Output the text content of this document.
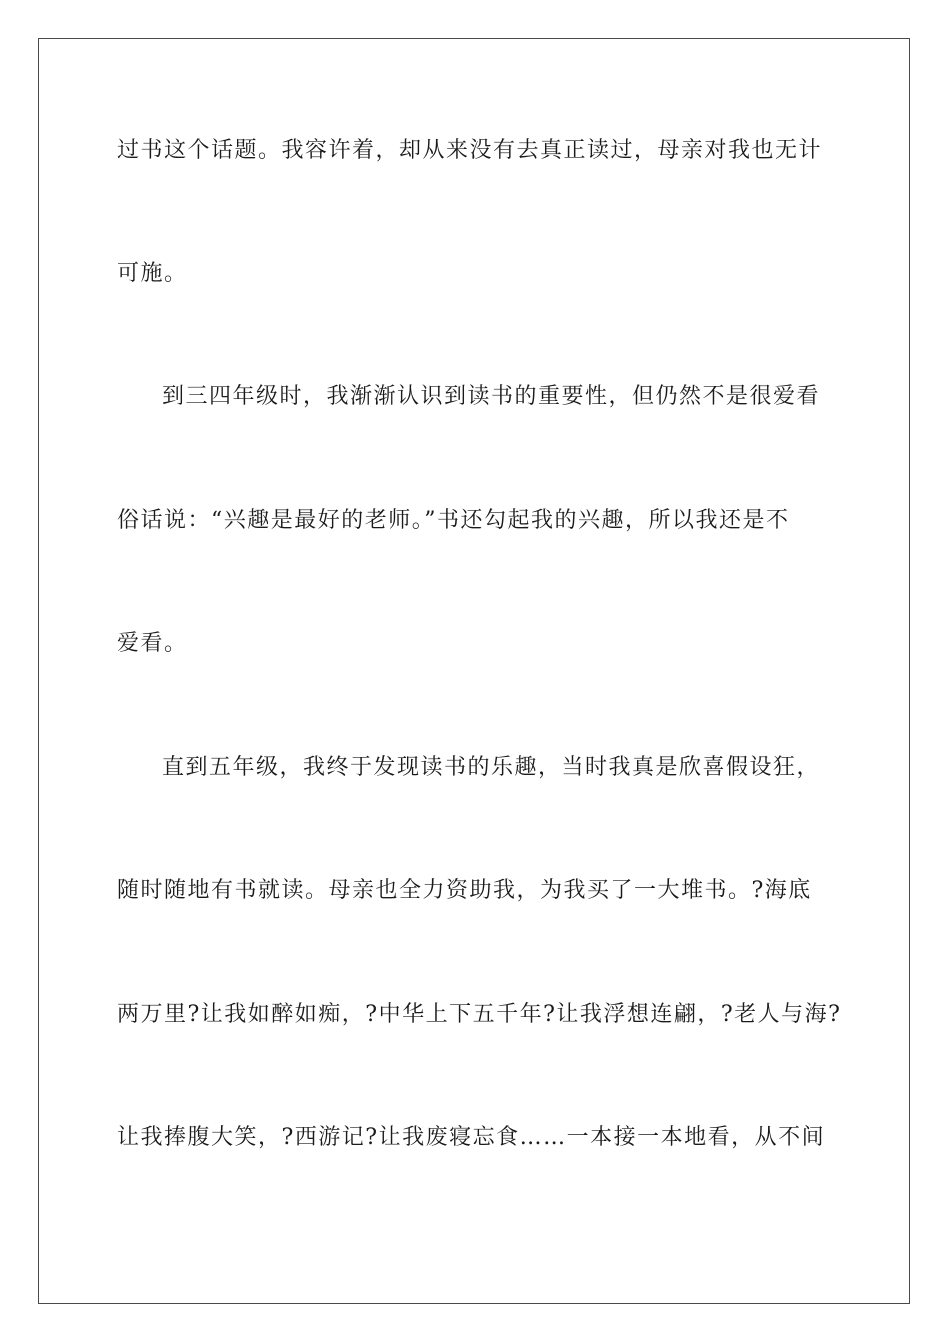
过书这个话题。我容许着，却从来没有去真正读过，母亲对我也无计
可施。
到三四年级时，我渐渐认识到读书的重要性，但仍然不是很爱看
俗话说：“兴趣是最好的老师。”书还勾起我的兴趣，所以我还是不
爱看。
直到五年级，我终于发现读书的乐趣，当时我真是欣喜假设狂，
随时随地有书就读。母亲也全力资助我，为我买了一大堆书。?海底
两万里?让我如醉如痴，?中华上下五千年?让我浮想连翩，?老人与海?
让我捧腹大笑，?西游记?让我废寝忘食……一本接一本地看，从不间
